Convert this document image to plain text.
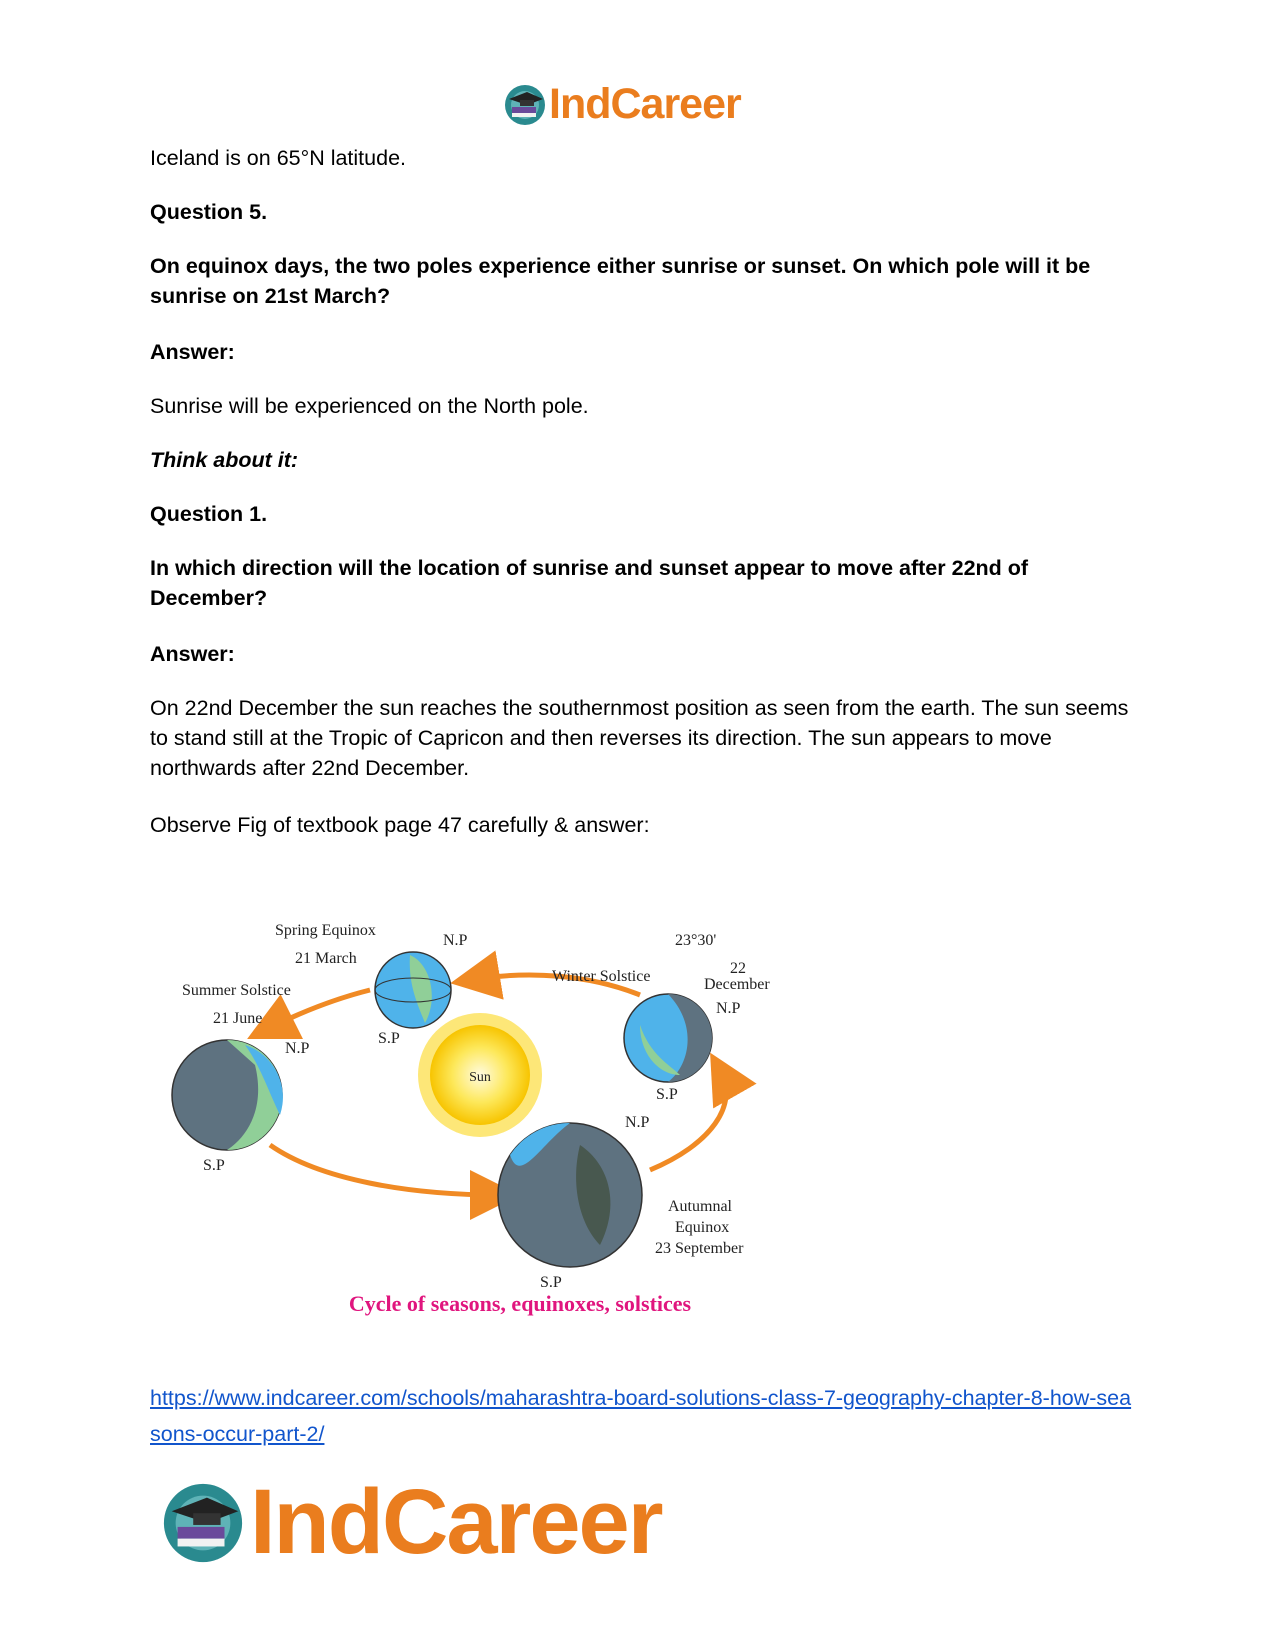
IndCareer

Iceland is on 65°N latitude.

Question 5.

On equinox days, the two poles experience either sunrise or sunset. On which pole will it be sunrise on 21st March?

Answer:

Sunrise will be experienced on the North pole.

Think about it:

Question 1.

In which direction will the location of sunrise and sunset appear to move after 22nd of December?

Answer:

On 22nd December the sun reaches the southernmost position as seen from the earth. The sun seems to stand still at the Tropic of Capricon and then reverses its direction. The sun appears to move northwards after 22nd December.

Observe Fig of textbook page 47 carefully & answer:

Sun
Spring Equinox
21 March
N.P
S.P
Summer Solstice
21 June
N.P
S.P
Winter Solstice
23°30'
22
December
N.P
S.P
N.P
Autumnal
Equinox
23 September
S.P
Cycle of seasons, equinoxes, solstices
https://www.indcareer.com/schools/maharashtra-board-solutions-class-7-geography-chapter-8-how-seasons-occur-part-2/
IndCareer
